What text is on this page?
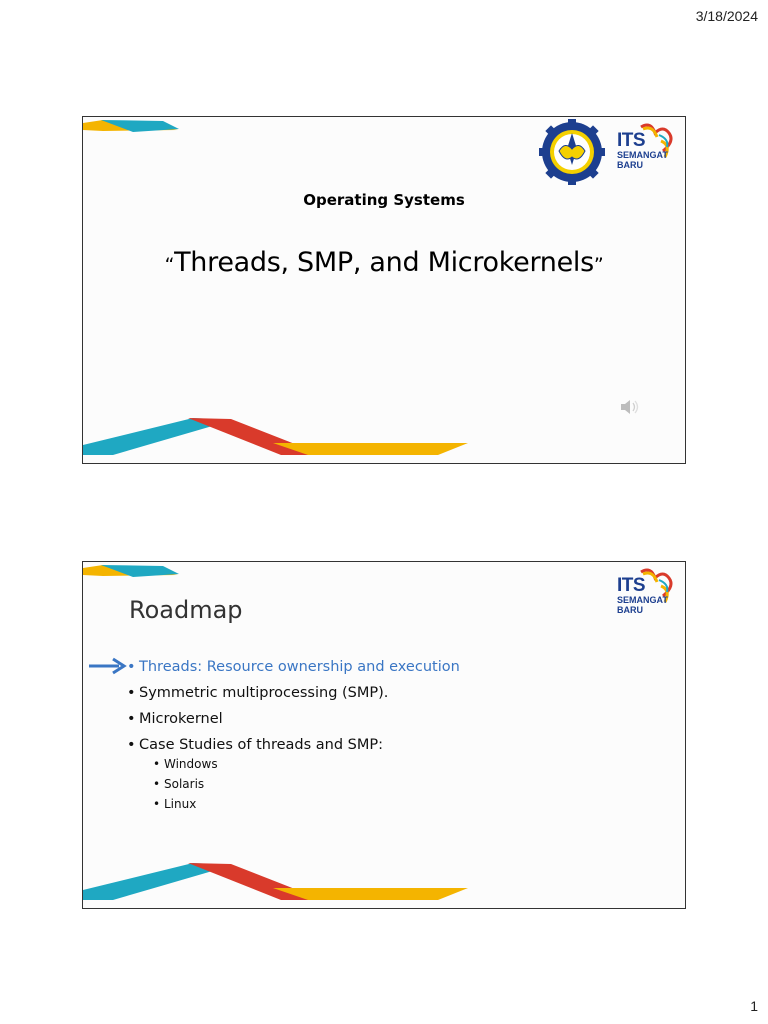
3/18/2024
ITS
SEMANGAT
BARU
Operating Systems
“Threads, SMP, and Microkernels”
ITS
SEMANGAT
BARU
Roadmap
• Threads: Resource ownership and execution
• Symmetric multiprocessing (SMP).
• Microkernel
• Case Studies of threads and SMP:
• Windows
• Solaris
• Linux
1
